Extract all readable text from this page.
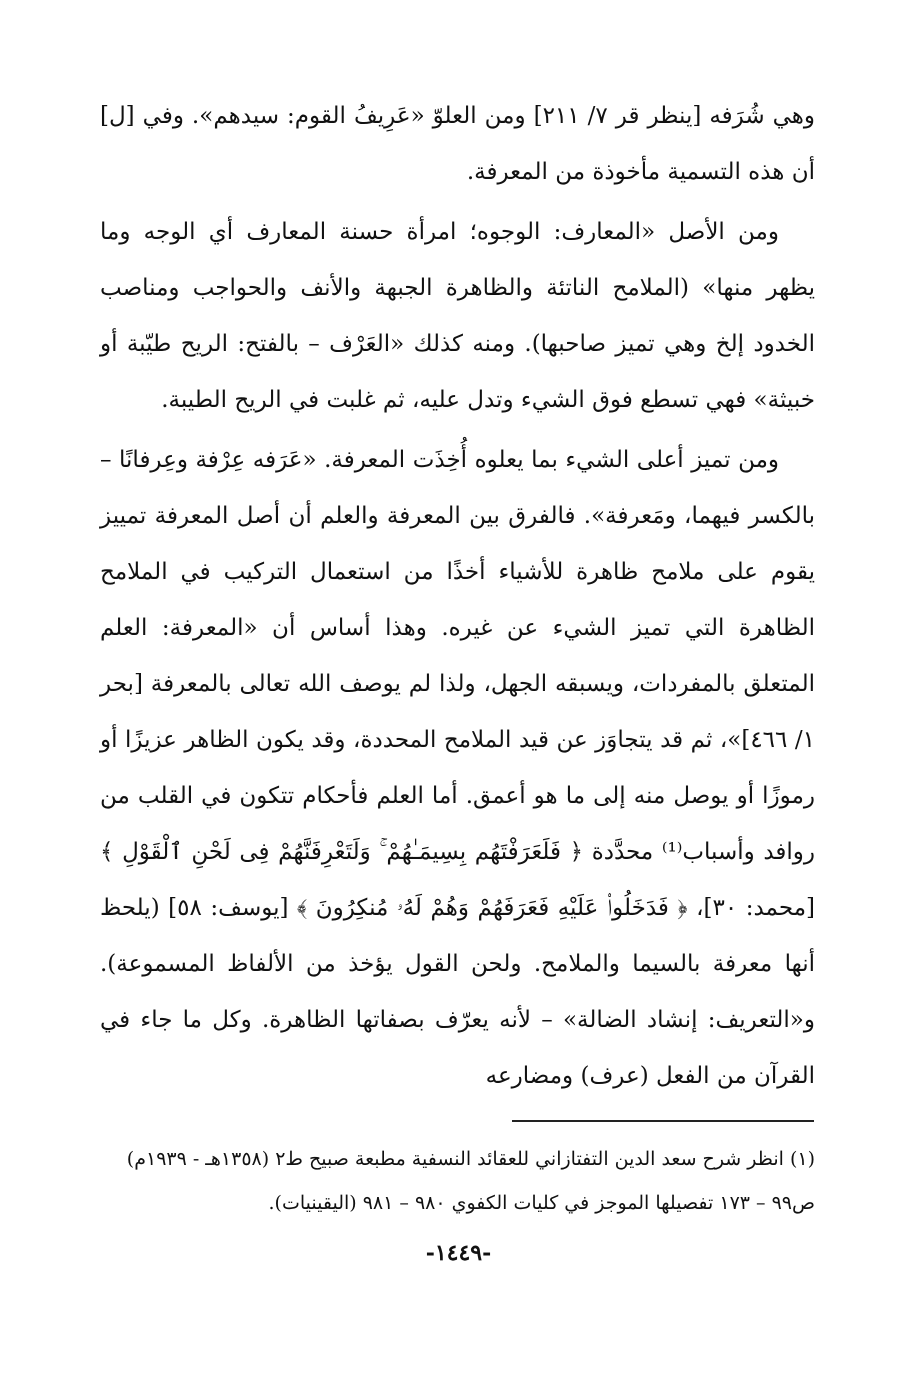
وهي شُرَفه [ينظر قر ٧/ ٢١١] ومن العلوّ «عَرِيفُ القوم: سيدهم». وفي [ل] أن هذه التسمية مأخوذة من المعرفة.

ومن الأصل «المعارف: الوجوه؛ امرأة حسنة المعارف أي الوجه وما يظهر منها» (الملامح الناتئة والظاهرة الجبهة والأنف والحواجب ومناصب الخدود إلخ وهي تميز صاحبها). ومنه كذلك «العَرْف – بالفتح: الريح طيّبة أو خبيثة» فهي تسطع فوق الشيء وتدل عليه، ثم غلبت في الريح الطيبة.

ومن تميز أعلى الشيء بما يعلوه أُخِذَت المعرفة. «عَرَفه عِرْفة وعِرفانًا – بالكسر فيهما، ومَعرفة». فالفرق بين المعرفة والعلم أن أصل المعرفة تمييز يقوم على ملامح ظاهرة للأشياء أخذًا من استعمال التركيب في الملامح الظاهرة التي تميز الشيء عن غيره. وهذا أساس أن «المعرفة: العلم المتعلق بالمفردات، ويسبقه الجهل، ولذا لم يوصف الله تعالى بالمعرفة [بحر ١/ ٤٦٦]»، ثم قد يتجاوَز عن قيد الملامح المحددة، وقد يكون الظاهر عزيزًا أو رموزًا أو يوصل منه إلى ما هو أعمق. أما العلم فأحكام تتكون في القلب من روافد وأسباب⁽¹⁾ محدَّدة ﴿ فَلَعَرَفْتَهُم بِسِيمَـٰهُمْ ۚ وَلَتَعْرِفَنَّهُمْ فِى لَحْنِ ٱلْقَوْلِ ﴾ [محمد: ٣٠]، ﴿ فَدَخَلُوا۟ عَلَيْهِ فَعَرَفَهُمْ وَهُمْ لَهُۥ مُنكِرُونَ ﴾ [يوسف: ٥٨] (يلحظ أنها معرفة بالسيما والملامح. ولحن القول يؤخذ من الألفاظ المسموعة). و«التعريف: إنشاد الضالة» – لأنه يعرّف بصفاتها الظاهرة. وكل ما جاء في القرآن من الفعل (عرف) ومضارعه

(١) انظر شرح سعد الدين التفتازاني للعقائد النسفية مطبعة صبيح ط٢ (١٣٥٨هـ - ١٩٣٩م)
ص٩٩ – ١٧٣ تفصيلها الموجز في كليات الكفوي ٩٨٠ – ٩٨١ (اليقينيات).
-١٤٤٩-
